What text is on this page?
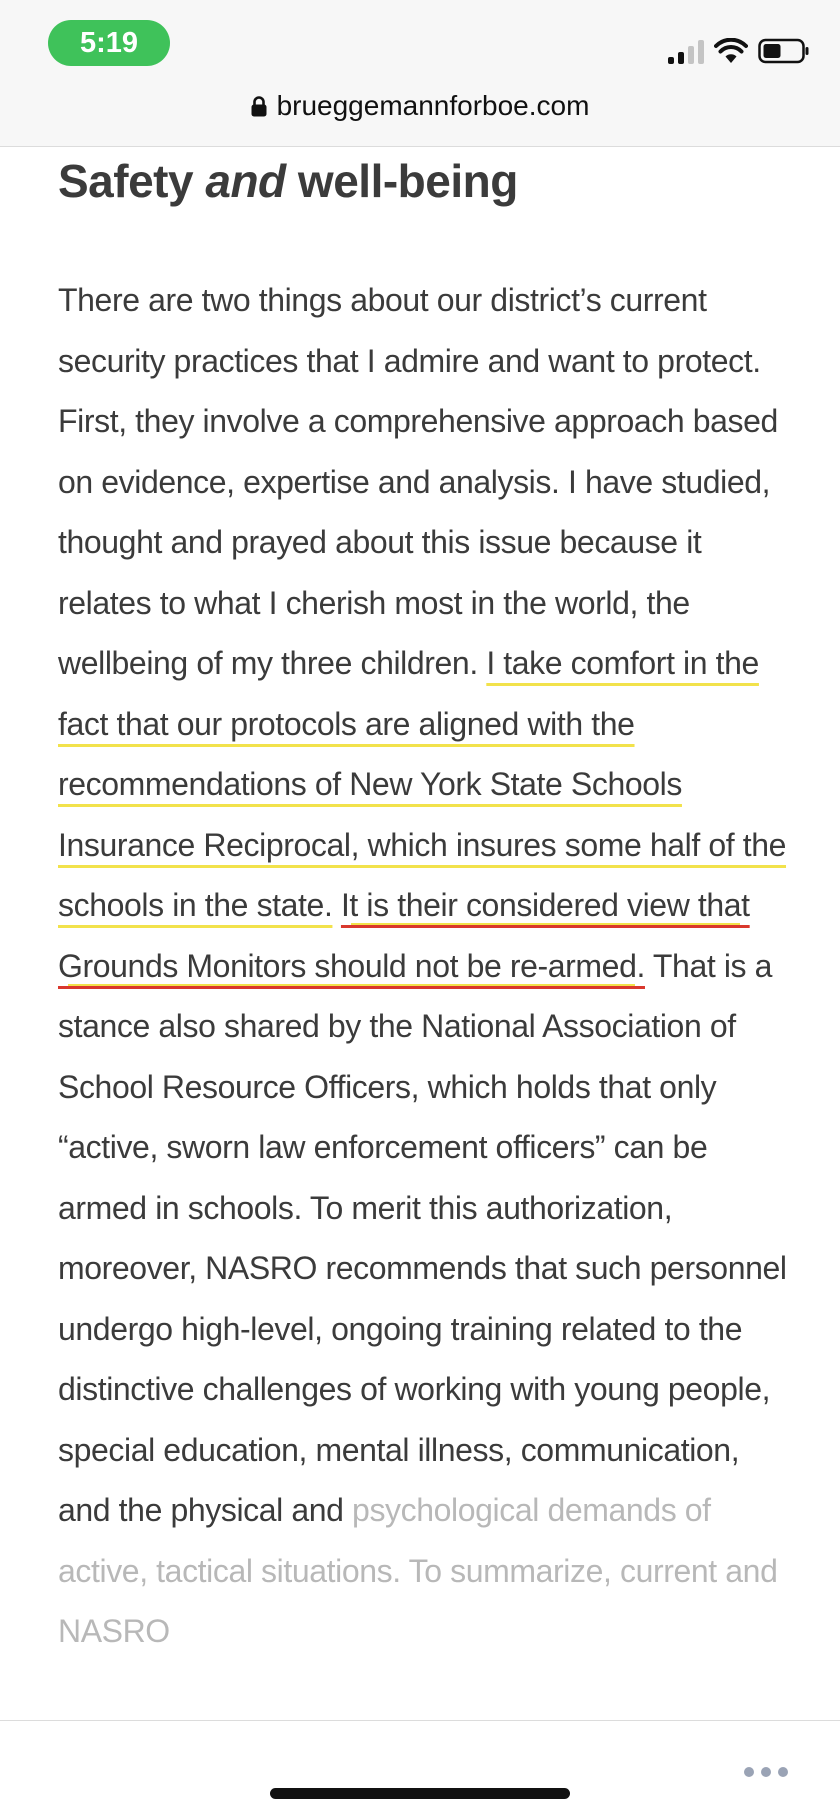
5:19
brueggemannforboe.com
Safety and well-being

There are two things about our district’s current security practices that I admire and want to protect. First, they involve a comprehensive approach based on evidence, expertise and analysis. I have studied, thought and prayed about this issue because it relates to what I cherish most in the world, the wellbeing of my three children. I take comfort in the fact that our protocols are aligned with the recommendations of New York State Schools Insurance Reciprocal, which insures some half of the schools in the state. It is their considered view that Grounds Monitors should not be re-armed. That is a stance also shared by the National Association of School Resource Officers, which holds that only “active, sworn law enforcement officers” can be armed in schools. To merit this authorization, moreover, NASRO recommends that such personnel undergo high-level, ongoing training related to the distinctive challenges of working with young people, special education, mental illness, communication, and the physical and psychological demands of active, tactical situations. To summarize, current and NASRO
